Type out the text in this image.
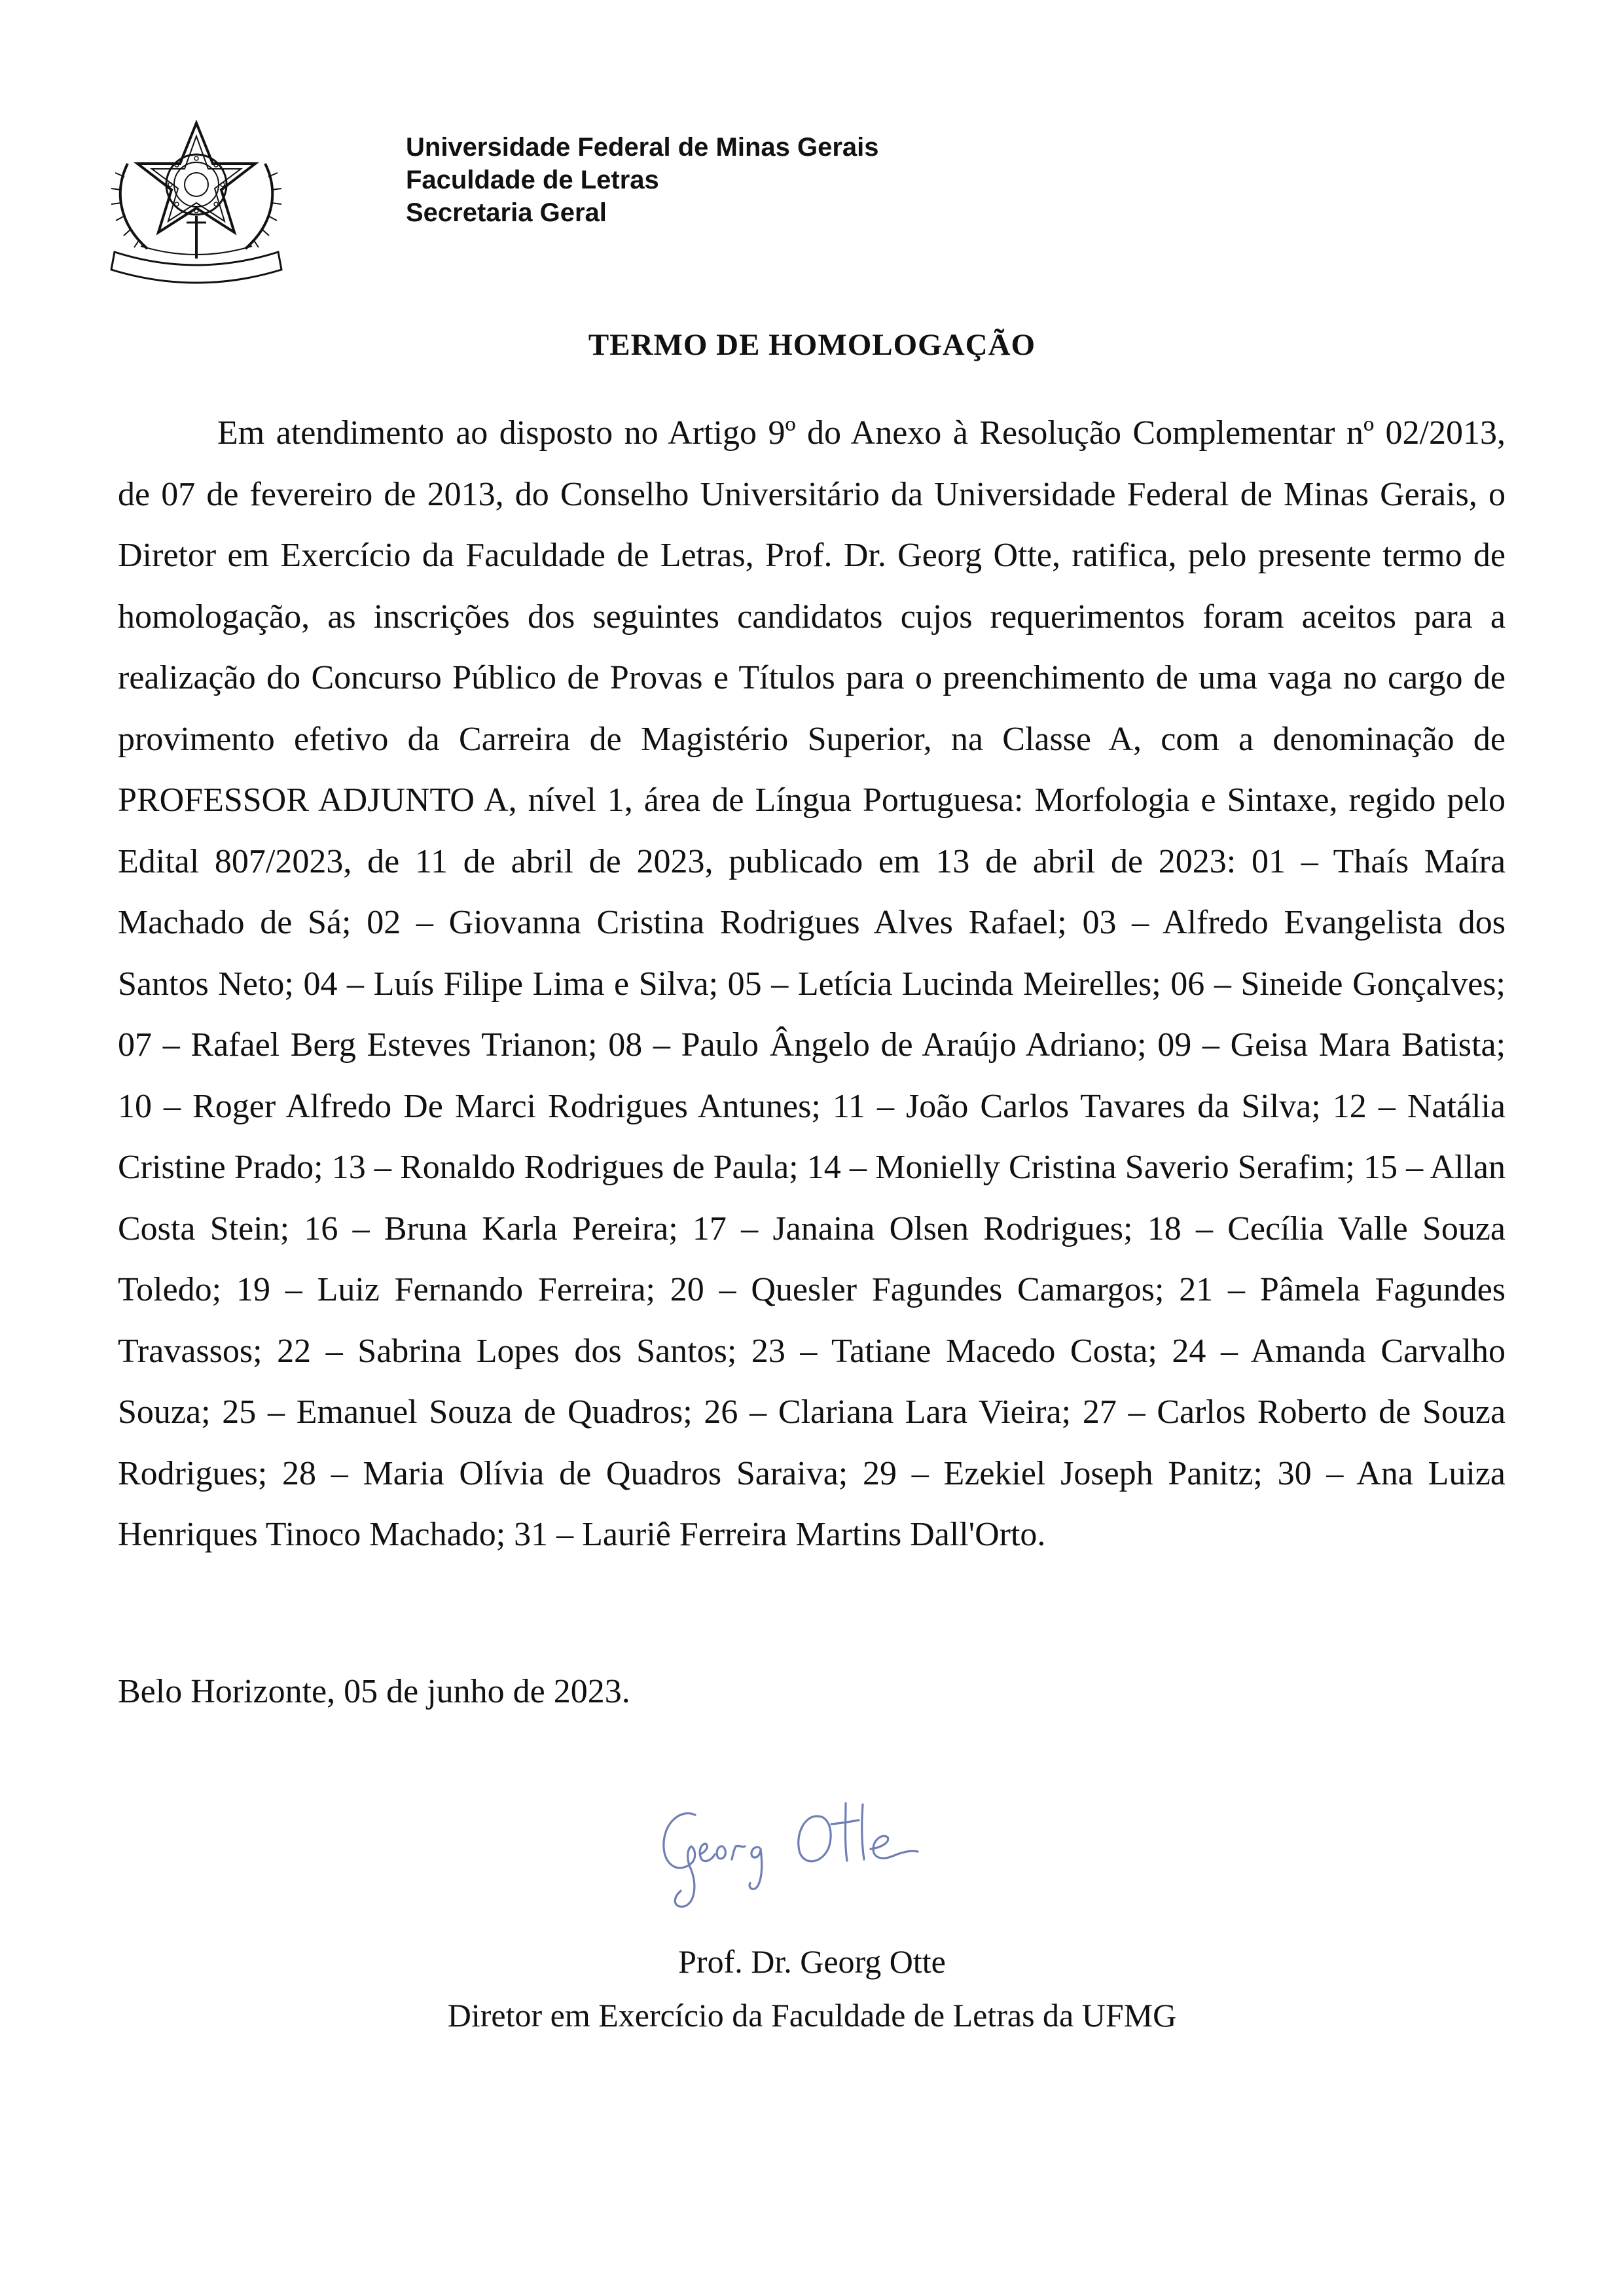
Universidade Federal de Minas Gerais
Faculdade de Letras
Secretaria Geral
TERMO DE HOMOLOGAÇÃO
Em atendimento ao disposto no Artigo 9º do Anexo à Resolução Complementar nº 02/2013, de 07 de fevereiro de 2013, do Conselho Universitário da Universidade Federal de Minas Gerais, o Diretor em Exercício da Faculdade de Letras, Prof. Dr. Georg Otte, ratifica, pelo presente termo de homologação, as inscrições dos seguintes candidatos cujos requerimentos foram aceitos para a realização do Concurso Público de Provas e Títulos para o preenchimento de uma vaga no cargo de provimento efetivo da Carreira de Magistério Superior, na Classe A, com a denominação de PROFESSOR ADJUNTO A, nível 1, área de Língua Portuguesa: Morfologia e Sintaxe, regido pelo Edital 807/2023, de 11 de abril de 2023, publicado em 13 de abril de 2023: 01 – Thaís Maíra Machado de Sá; 02 – Giovanna Cristina Rodrigues Alves Rafael; 03 – Alfredo Evangelista dos Santos Neto; 04 – Luís Filipe Lima e Silva; 05 – Letícia Lucinda Meirelles; 06 – Sineide Gonçalves; 07 – Rafael Berg Esteves Trianon; 08 – Paulo Ângelo de Araújo Adriano; 09 – Geisa Mara Batista; 10 – Roger Alfredo De Marci Rodrigues Antunes; 11 – João Carlos Tavares da Silva; 12 – Natália Cristine Prado; 13 – Ronaldo Rodrigues de Paula; 14 – Monielly Cristina Saverio Serafim; 15 – Allan Costa Stein; 16 – Bruna Karla Pereira; 17 – Janaina Olsen Rodrigues; 18 – Cecília Valle Souza Toledo; 19 – Luiz Fernando Ferreira; 20 – Quesler Fagundes Camargos; 21 – Pâmela Fagundes Travassos; 22 – Sabrina Lopes dos Santos; 23 – Tatiane Macedo Costa; 24 – Amanda Carvalho Souza; 25 – Emanuel Souza de Quadros; 26 – Clariana Lara Vieira; 27 – Carlos Roberto de Souza Rodrigues; 28 – Maria Olívia de Quadros Saraiva; 29 – Ezekiel Joseph Panitz; 30 – Ana Luiza Henriques Tinoco Machado; 31 – Lauriê Ferreira Martins Dall'Orto.
Belo Horizonte, 05 de junho de 2023.
Prof. Dr. Georg Otte
Diretor em Exercício da Faculdade de Letras da UFMG
